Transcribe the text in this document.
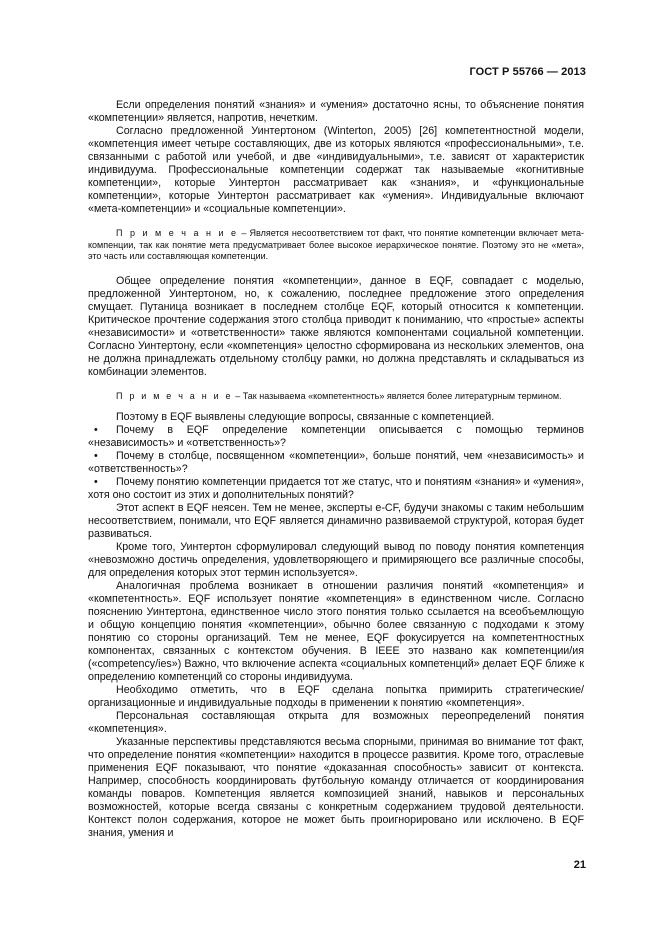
ГОСТ Р 55766 — 2013

Если определения понятий «знания» и «умения» достаточно ясны, то объяснение понятия «компетенции» является, напротив, нечетким.

Согласно предложенной Уинтертоном (Winterton, 2005) [26] компетентностной модели, «компетенция имеет четыре составляющих, две из которых являются «профессиональными», т.е. связанными с работой или учебой, и две «индивидуальными», т.е. зависят от характеристик индивидуума. Профессиональные компетенции содержат так называемые «когнитивные компетенции», которые Уинтертон рассматривает как «знания», и «функциональные компетенции», которые Уинтертон рассматривает как «умения». Индивидуальные включают «мета-компетенции» и «социальные компетенции».

П р и м е ч а н и е – Является несоответствием тот факт, что понятие компетенции включает мета-компенции, так как понятие мета предусматривает более высокое иерархическое понятие. Поэтому это не «мета», это часть или составляющая компетенции.

Общее определение понятия «компетенции», данное в EQF, совпадает с моделью, предложенной Уинтертоном, но, к сожалению, последнее предложение этого определения смущает. Путаница возникает в последнем столбце EQF, который относится к компетенции. Критическое прочтение содержания этого столбца приводит к пониманию, что «простые» аспекты «независимости» и «ответственности» также являются компонентами социальной компетенции. Согласно Уинтертону, если «компетенция» целостно сформирована из нескольких элементов, она не должна принадлежать отдельному столбцу рамки, но должна представлять и складываться из комбинации элементов.

П р и м е ч а н и е – Так называема «компетентность» является более литературным термином.

Поэтому в EQF выявлены следующие вопросы, связанные с компетенцией.

•	Почему в EQF определение компетенции описывается с помощью терминов «независимость» и «ответственность»?
•	Почему в столбце, посвященном «компетенции», больше понятий, чем «независимость» и «ответственность»?
•	Почему понятию компетенции придается тот же статус, что и понятиям «знания» и «умения», хотя оно состоит из этих и дополнительных понятий?

Этот аспект в EQF неясен. Тем не менее, эксперты e-CF, будучи знакомы с таким небольшим несоответствием, понимали, что EQF является динамично развиваемой структурой, которая будет развиваться.

Кроме того, Уинтертон сформулировал следующий вывод по поводу понятия компетенция «невозможно достичь определения, удовлетворяющего и примиряющего все различные способы, для определения которых этот термин используется».

Аналогичная проблема возникает в отношении различия понятий «компетенция» и «компетентность». EQF использует понятие «компетенция» в единственном числе. Согласно пояснению Уинтертона, единственное число этого понятия только ссылается на всеобъемлющую и общую концепцию понятия «компетенции», обычно более связанную с подходами к этому понятию со стороны организаций. Тем не менее, EQF фокусируется на компетентностных компонентах, связанных с контекстом обучения. В IEEE это названо как компетенции/ия («competency/ies») Важно, что включение аспекта «социальных компетенций» делает EQF ближе к определению компетенций со стороны индивидуума.

Необходимо отметить, что в EQF сделана попытка примирить стратегические/организационные и индивидуальные подходы в применении к понятию «компетенция».

Персональная составляющая открыта для возможных переопределений понятия «компетенция».

Указанные перспективы представляются весьма спорными, принимая во внимание тот факт, что определение понятия «компетенции» находится в процессе развития. Кроме того, отраслевые применения EQF показывают, что понятие «доказанная способность» зависит от контекста. Например, способность координировать футбольную команду отличается от координирования команды поваров. Компетенция является композицией знаний, навыков и персональных возможностей, которые всегда связаны с конкретным содержанием трудовой деятельности. Контекст полон содержания, которое не может быть проигнорировано или исключено. В EQF знания, умения и

21
